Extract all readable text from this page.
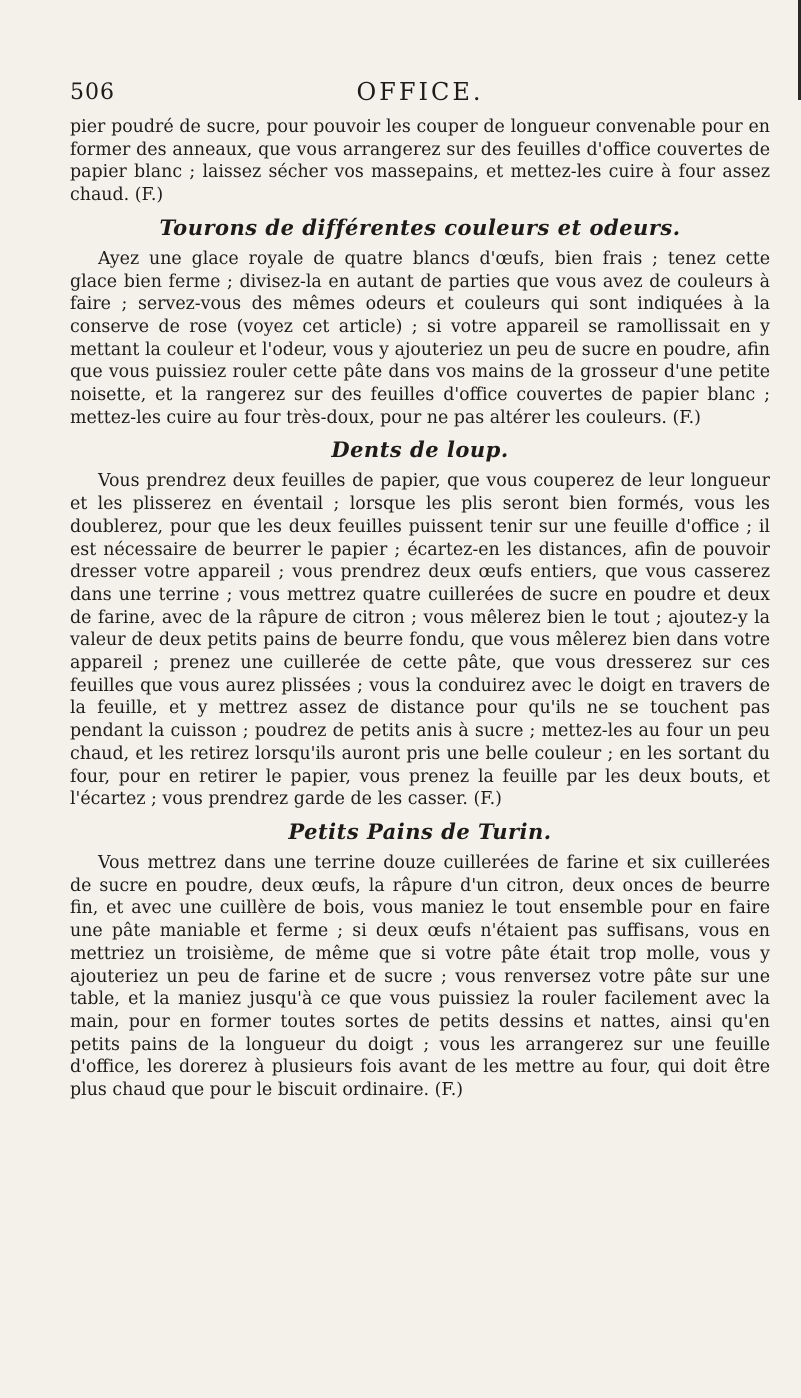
506	OFFICE.

pier poudré de sucre, pour pouvoir les couper de longueur convenable pour en former des anneaux, que vous arrangerez sur des feuilles d'office couvertes de papier blanc ; laissez sécher vos massepains, et mettez-les cuire à four assez chaud. (F.)

Tourons de différentes couleurs et odeurs.

Ayez une glace royale de quatre blancs d'œufs, bien frais ; tenez cette glace bien ferme ; divisez-la en autant de parties que vous avez de couleurs à faire ; servez-vous des mêmes odeurs et couleurs qui sont indiquées à la conserve de rose (voyez cet article) ; si votre appareil se ramollissait en y mettant la couleur et l'odeur, vous y ajouteriez un peu de sucre en poudre, afin que vous puissiez rouler cette pâte dans vos mains de la grosseur d'une petite noisette, et la rangerez sur des feuilles d'office couvertes de papier blanc ; mettez-les cuire au four très-doux, pour ne pas altérer les couleurs. (F.)

Dents de loup.

Vous prendrez deux feuilles de papier, que vous couperez de leur longueur et les plisserez en éventail ; lorsque les plis seront bien formés, vous les doublerez, pour que les deux feuilles puissent tenir sur une feuille d'office ; il est nécessaire de beurrer le papier ; écartez-en les distances, afin de pouvoir dresser votre appareil ; vous prendrez deux œufs entiers, que vous casserez dans une terrine ; vous mettrez quatre cuillerées de sucre en poudre et deux de farine, avec de la râpure de citron ; vous mêlerez bien le tout ; ajoutez-y la valeur de deux petits pains de beurre fondu, que vous mêlerez bien dans votre appareil ; prenez une cuillerée de cette pâte, que vous dresserez sur ces feuilles que vous aurez plissées ; vous la conduirez avec le doigt en travers de la feuille, et y mettrez assez de distance pour qu'ils ne se touchent pas pendant la cuisson ; poudrez de petits anis à sucre ; mettez-les au four un peu chaud, et les retirez lorsqu'ils auront pris une belle couleur ; en les sortant du four, pour en retirer le papier, vous prenez la feuille par les deux bouts, et l'écartez ; vous prendrez garde de les casser. (F.)

Petits Pains de Turin.

Vous mettrez dans une terrine douze cuillerées de farine et six cuillerées de sucre en poudre, deux œufs, la râpure d'un citron, deux onces de beurre fin, et avec une cuillère de bois, vous maniez le tout ensemble pour en faire une pâte maniable et ferme ; si deux œufs n'étaient pas suffisans, vous en mettriez un troisième, de même que si votre pâte était trop molle, vous y ajouteriez un peu de farine et de sucre ; vous renversez votre pâte sur une table, et la maniez jusqu'à ce que vous puissiez la rouler facilement avec la main, pour en former toutes sortes de petits dessins et nattes, ainsi qu'en petits pains de la longueur du doigt ; vous les arrangerez sur une feuille d'office, les dorerez à plusieurs fois avant de les mettre au four, qui doit être plus chaud que pour le biscuit ordinaire. (F.)
